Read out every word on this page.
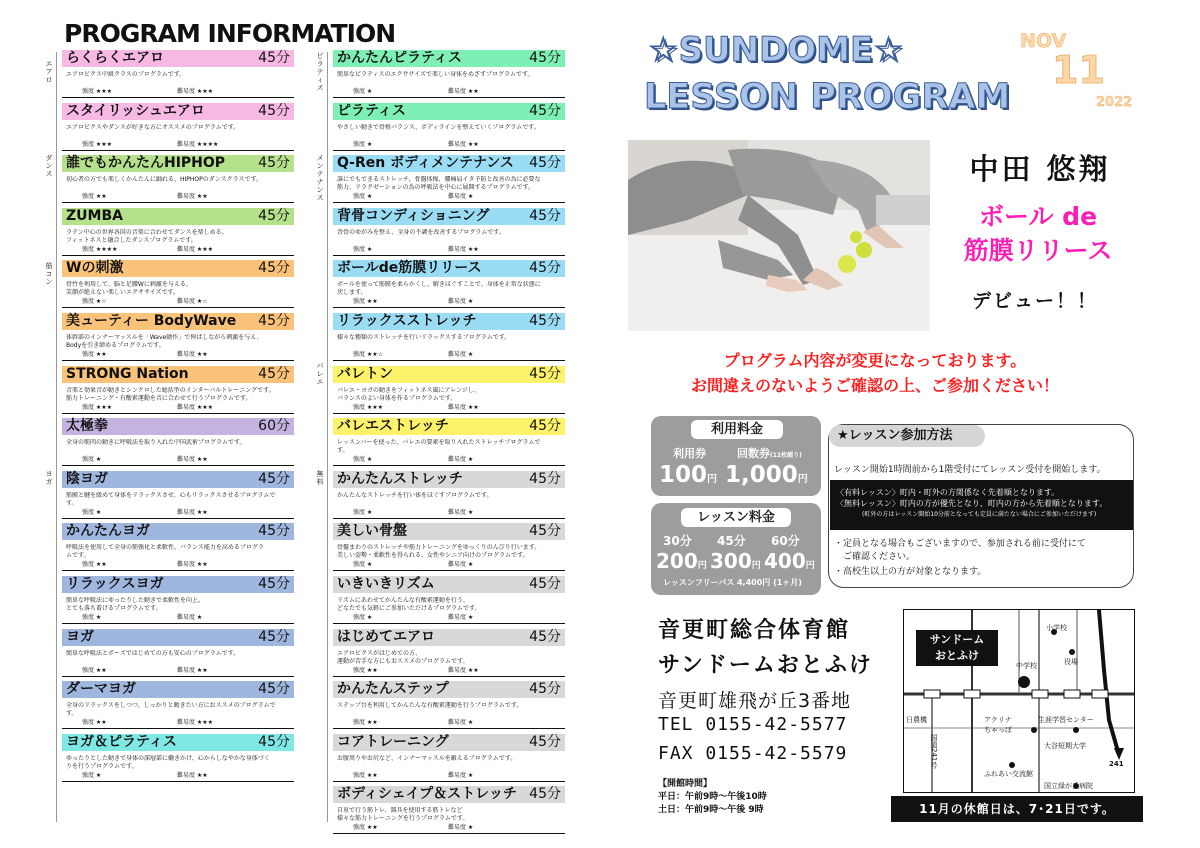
PROGRAM INFORMATION
エアロ
ダンス
筋コン
ヨガ
ピラティス
メンテナンス
バレエ
無料
らくらくエアロ	45分
エアロビクス中級クラスのプログラムです。
強度 ★★★	難易度 ★★★
スタイリッシュエアロ	45分
エアロビクスやダンスが好きな方にオススメのプログラムです。
強度 ★★★	難易度 ★★★★
誰でもかんたんHIPHOP 45分
初心者の方でも楽しくかんたんに踊れる、HIPHOPのダンスクラスです。
強度 ★★	難易度 ★★
ZUMBA	45分
ラテン中心の世界各国の音楽に合わせてダンスを楽しめる、
フィットネスと融合したダンスプログラムです。
強度 ★★★★	難易度 ★★★
Wの刺激	45分
骨竹を利用して、脳と足腰Wに刺激を与える、
笑顔が絶えない楽しいエクササイズです。
強度 ★☆	難易度 ★☆
美ューティー BodyWave 45分
体幹部のインナーマッスルを「Wave動作」で伸ばしながら刺激を与え、
Bodyを引き締めるプログラムです。
強度 ★★	難易度 ★★
STRONG Nation	45分
音楽と効果音が動きとシンクロした総括型のインターバルトレーニングです。
筋力トレーニング・有酸素運動を音に合わせて行うプログラムです。
強度 ★★★	難易度 ★★★
太極拳	60分
全身の筋肉の動きに呼吸法を取り入れた中国武術プログラムです。
強度 ★	難易度 ★★
陰ヨガ	45分
筋膜と腱を緩めて身体をリラックスさせ、心もリラックスさせるプログラムで
す。
強度 ★	難易度 ★★
かんたんヨガ	45分
呼吸法を使用して全身の筋強化と柔軟性、バランス能力を高めるプログラ
ムです。
強度 ★★	難易度 ★★
リラックスヨガ	45分
簡単な呼吸法にゆったりした動きで柔軟性を向上。
とても落ち着けるプログラムです。
強度 ★	難易度 ★
ヨガ	45分
簡単な呼吸法とポーズではじめての方も安心のプログラムです。
強度 ★★	難易度 ★★
ダーマヨガ	45分
全身のリラックスをしつつ、しっかりと動きたい方におススメのプログラムで
す。
強度 ★★	難易度 ★★★
ヨガ＆ピラティス	45分
ゆったりとした動きで身体の深層部に働きかけ、心からしなやかな身体づく
りを行うプログラムです。
強度 ★	難易度 ★★
かんたんピラティス	45分
簡単なピラティスのエクササイズで楽しい身体をめざすプログラムです。
強度 ★	難易度 ★★
ピラティス	45分
やさしい動きで骨格バランス、ボディラインを整えていくプログラムです。
強度 ★	難易度 ★★
Q-Ren ボディメンテナンス 45分
誰にでもできるストレッチ、骨盤体操、腰痛肩イタ予防と改善の為に必要な
筋力、リラクゼーションの為の呼吸法を中心に展開するプログラムです。
強度 ★	難易度 ★
背骨コンディショニング	45分
背骨のゆがみを整え、全身の不調を改善するプログラムです。
強度 ★	難易度 ★★
ボールde筋膜リリース	45分
ボールを使って筋膜を柔らかくし、解きほぐすことで、身体を正常な状態に
戻します。
強度 ★★	難易度 ★
リラックスストレッチ	45分
様々な種類のストレッチを行いリラックスするプログラムです。
強度 ★★☆	難易度 ★
バレトン	45分
バレエ・ヨガの動きをフィットネス風にアレンジし、
バランスのよい身体を作るプログラムです。
強度 ★★★	難易度 ★★
バレエストレッチ	45分
レッスンバーを使った、バレエの要素を取り入れたストレッチプログラムで
す。
強度 ★	難易度 ★
かんたんストレッチ	45分
かんたんなストレッチを行い体をほぐすプログラムです。
強度 ★	難易度 ★
美しい骨盤	45分
骨盤まわりのストレッチや筋力トレーニングをゆっくりのんびり行います。
美しい姿勢・柔軟性を得られる、女性やシニア向けのプログラムです。
強度 ★	難易度 ★
いきいきリズム	45分
リズムにあわせてかんたんな有酸素運動を行う、
どなたでも気軽にご参加いただけるプログラムです。
強度 ★	難易度 ★
はじめてエアロ	45分
エアロビクスがはじめての方、
運動が苦手な方にもおススメのプログラムです。
強度 ★★	難易度 ★★
かんたんステップ	45分
ステップ台を利用してかんたんな有酸素運動を行うプログラムです。
強度 ★★	難易度 ★
コアトレーニング	45分
お腹周りやお尻など、インナーマッスルを鍛えるプログラムです。
強度 ★★	難易度 ★
ボディシェイプ＆ストレッチ 45分
自重で行う筋トレ、器具を使用する筋トレなど
様々な筋力トレーニングを行うプログラムです。
強度 ★★	難易度 ★
☆SUNDOME☆
LESSON PROGRAM
NOV
11
2022
中田 悠翔
ボール de
筋膜リリース
デビュー！！
プログラム内容が変更になっております。
お間違えのないようご確認の上、ご参加ください！
利用料金
利用券	回数券(12枚綴り)
100円 1,000円
レッスン料金
30分 45分 60分
200円 300円 400円
レッスンフリーパス 4,400円 (1ヶ月)
★レッスン参加方法
レッスン開始1時間前から1階受付にてレッスン受付を開始します。
〈有料レッスン〉町内・町外の方関係なく先着順となります。
〈無料レッスン〉町内の方が優先となり、町内の方から先着順となります。
(町外の方はレッスン開始10分前となっても定員に満たない場合にご参加いただけます)
・定員となる場合もございますので、参加される前に受付にて
　ご確認ください。
・高校生以上の方が対象となります。
音更町総合体育館
サンドームおとふけ
音更町雄飛が丘3番地
TEL 0155-42-5577
FAX 0155-42-5579
【開館時間】
平日：午前9時～午後10時
土日：午前9時～午後 9時
サンドーム
おとふけ
小学校
中学校	役場
日農機	アクリナ
ちゃっぽ
生涯学習センター
大谷短期大学
ふれあい交流館
国立緑が丘病院
241
国道241号
11月の休館日は、7･21日です。
